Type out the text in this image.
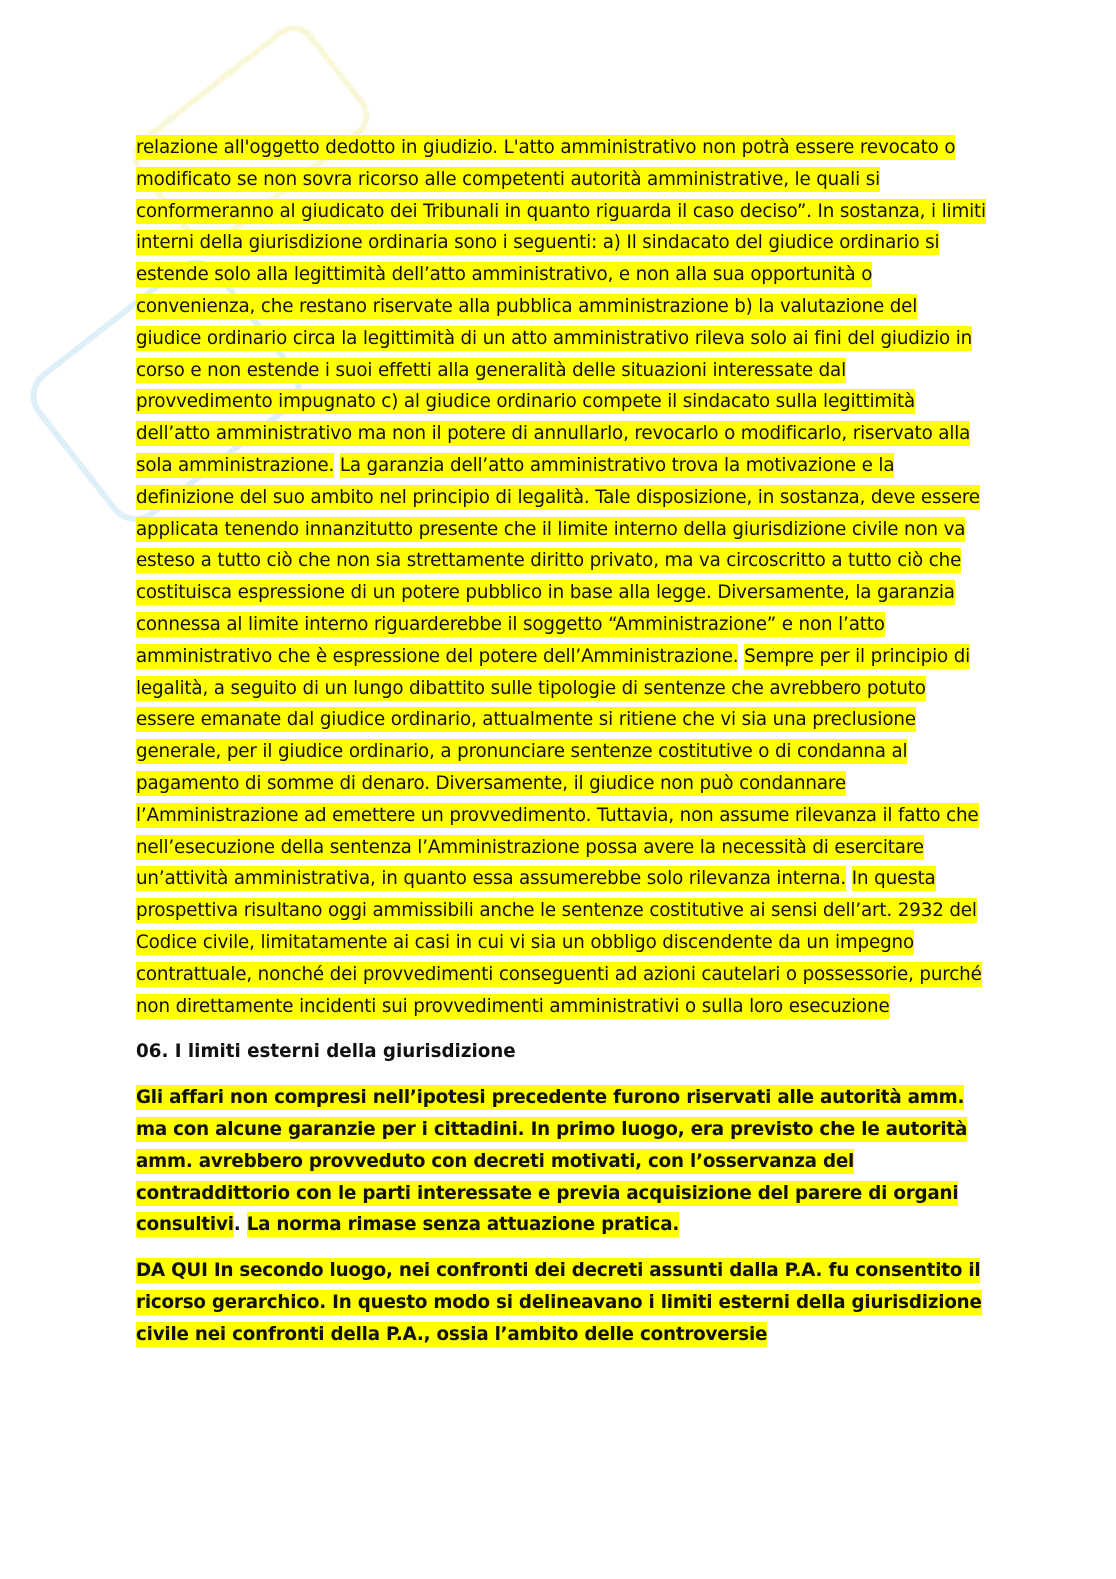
relazione all'oggetto dedotto in giudizio. L'atto amministrativo non potrà essere revocato o modificato se non sovra ricorso alle competenti autorità amministrative, le quali si conformeranno al giudicato dei Tribunali in quanto riguarda il caso deciso”. In sostanza, i limiti interni della giurisdizione ordinaria sono i seguenti: a) Il sindacato del giudice ordinario si estende solo alla legittimità dell’atto amministrativo, e non alla sua opportunità o convenienza, che restano riservate alla pubblica amministrazione b) la valutazione del giudice ordinario circa la legittimità di un atto amministrativo rileva solo ai fini del giudizio in corso e non estende i suoi effetti alla generalità delle situazioni interessate dal provvedimento impugnato c) al giudice ordinario compete il sindacato sulla legittimità dell’atto amministrativo ma non il potere di annullarlo, revocarlo o modificarlo, riservato alla sola amministrazione. La garanzia dell’atto amministrativo trova la motivazione e la definizione del suo ambito nel principio di legalità. Tale disposizione, in sostanza, deve essere applicata tenendo innanzitutto presente che il limite interno della giurisdizione civile non va esteso a tutto ciò che non sia strettamente diritto privato, ma va circoscritto a tutto ciò che costituisca espressione di un potere pubblico in base alla legge. Diversamente, la garanzia connessa al limite interno riguarderebbe il soggetto “Amministrazione” e non l’atto amministrativo che è espressione del potere dell’Amministrazione. Sempre per il principio di legalità, a seguito di un lungo dibattito sulle tipologie di sentenze che avrebbero potuto essere emanate dal giudice ordinario, attualmente si ritiene che vi sia una preclusione generale, per il giudice ordinario, a pronunciare sentenze costitutive o di condanna al pagamento di somme di denaro. Diversamente, il giudice non può condannare l’Amministrazione ad emettere un provvedimento. Tuttavia, non assume rilevanza il fatto che nell’esecuzione della sentenza l’Amministrazione possa avere la necessità di esercitare un’attività amministrativa, in quanto essa assumerebbe solo rilevanza interna. In questa prospettiva risultano oggi ammissibili anche le sentenze costitutive ai sensi dell’art. 2932 del Codice civile, limitatamente ai casi in cui vi sia un obbligo discendente da un impegno contrattuale, nonché dei provvedimenti conseguenti ad azioni cautelari o possessorie, purché non direttamente incidenti sui provvedimenti amministrativi o sulla loro esecuzione

06. I limiti esterni della giurisdizione

Gli affari non compresi nell’ipotesi precedente furono riservati alle autorità amm. ma con alcune garanzie per i cittadini. In primo luogo, era previsto che le autorità amm. avrebbero provveduto con decreti motivati, con l’osservanza del contraddittorio con le parti interessate e previa acquisizione del parere di organi consultivi. La norma rimase senza attuazione pratica.

DA QUI In secondo luogo, nei confronti dei decreti assunti dalla P.A. fu consentito il ricorso gerarchico. In questo modo si delineavano i limiti esterni della giurisdizione civile nei confronti della P.A., ossia l’ambito delle controversie
